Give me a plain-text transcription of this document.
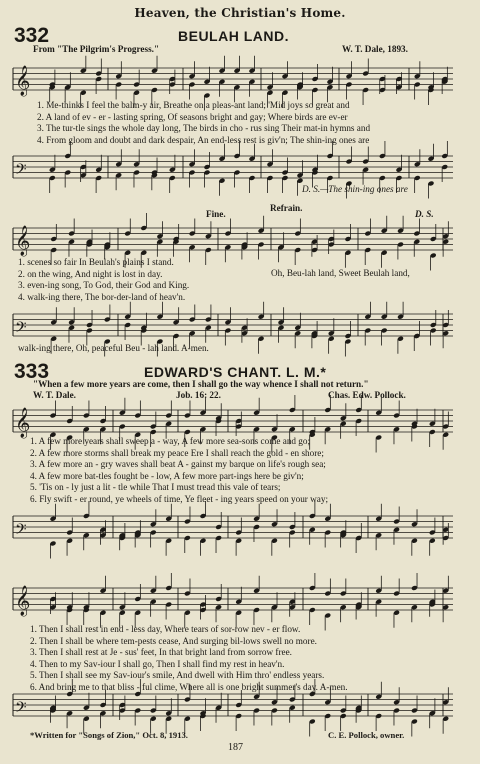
Heaven, the Christian's Home.
332	BEULAH LAND.
From "The Pilgrim's Progress."	W. T. Dale, 1893.
𝄞
1. Me-thinks I feel the balm-y air, Breathe on a pleas-ant land; 'Mid joys so great and
2. A land of ev - er - lasting spring, Of seasons bright and gay; Where birds are ev-er
3. The tur-tle sings the whole day long, The birds in cho - rus sing Their mat-in hymns and
4. From gloom and doubt and dark despair, An end-less rest is giv'n; The shin-ing ones are
𝄢
D. S.—The shin-ing ones are
Fine.
Refrain.
D. S.
𝄞
1. scenes so fair In Beulah's plains I stand.
2. on the wing, And night is lost in day.
3. even-ing song, To God, their God and King.
4. walk-ing there, The bor-der-land of heav'n.
Oh, Beu-lah land, Sweet Beulah land,
𝄢
walk-ing there, Oh, peaceful Beu - lah land. A-men.
333	EDWARD'S CHANT. L. M.*
"When a few more years are come, then I shall go the way whence I shall not return."
W. T. Dale.	Job. 16: 22.	Chas. Edw. Pollock.
𝄞
1. A few more years shall sweep a - way, A few more sea-sons come and go;
2. A few more storms shall break my peace Ere I shall reach the gold - en shore;
3. A few more an - gry waves shall beat A - gainst my barque on life's rough sea;
4. A few more bat-tles fought be - low, A few more part-ings here be giv'n;
5. 'Tis on - ly just a lit - tle while That I must tread this vale of tears;
6. Fly swift - er round, ye wheels of time, Ye fleet - ing years speed on your way;
𝄢
𝄞
1. Then I shall rest in end - less day, Where tears of sor-row nev - er flow.
2. Then I shall be where tem-pests cease, And surging bil-lows swell no more.
3. Then I shall rest at Je - sus' feet, In that bright land from sorrow free.
4. Then to my Sav-iour I shall go, Then I shall find my rest in heav'n.
5. Then I shall see my Sav-iour's smile, And dwell with Him thro' endless years.
6. And bring me to that bliss - ful clime, Where all is one bright summer's day. A-men.
𝄢
*Written for "Songs of Zion," Oct. 8, 1913.	C. E. Pollock, owner.
187
